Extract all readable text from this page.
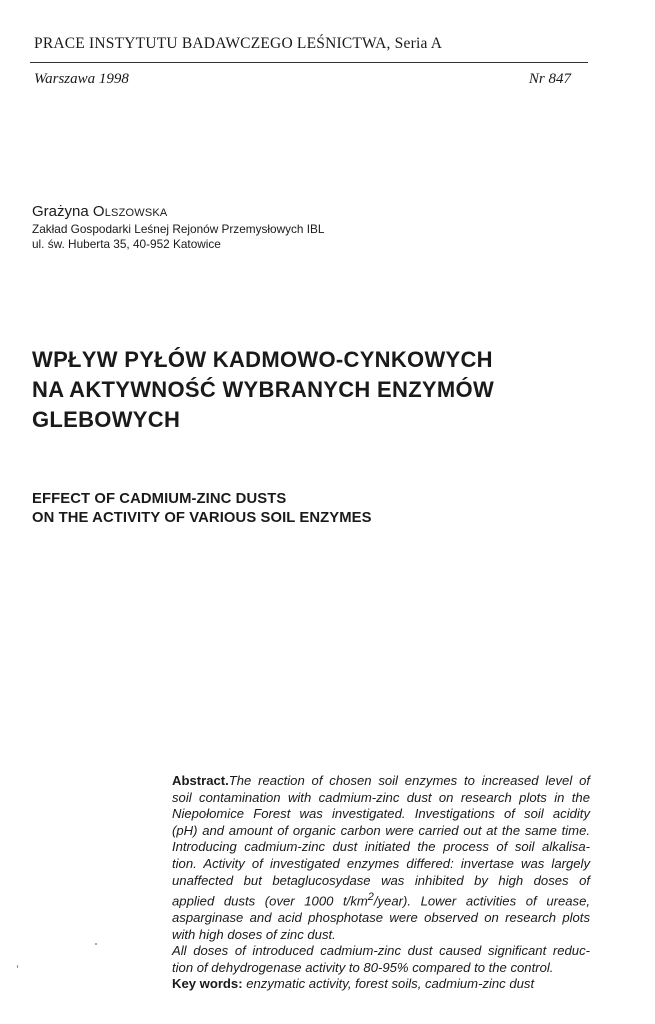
PRACE INSTYTUTU BADAWCZEGO LEŚNICTWA, Seria A
Warszawa 1998	Nr 847
Grażyna Olszowska
Zakład Gospodarki Leśnej Rejonów Przemysłowych IBL
ul. św. Huberta 35, 40-952 Katowice
WPŁYW PYŁÓW KADMOWO-CYNKOWYCH
NA AKTYWNOŚĆ WYBRANYCH ENZYMÓW
GLEBOWYCH
EFFECT OF CADMIUM-ZINC DUSTS
ON THE ACTIVITY OF VARIOUS SOIL ENZYMES
Abstract.The reaction of chosen soil enzymes to increased level of
soil contamination with cadmium-zinc dust on research plots in the
Niepołomice Forest was investigated. Investigations of soil acidity
(pH) and amount of organic carbon were carried out at the same time.
Introducing cadmium-zinc dust initiated the process of soil alkalisa-
tion. Activity of investigated enzymes differed: invertase was largely
unaffected but betaglucosydase was inhibited by high doses of
applied dusts (over 1000 $t/km^2/year$). Lower activities of urease,
asparginase and acid phosphotase were observed on research plots
with high doses of zinc dust.
All doses of introduced cadmium-zinc dust caused significant reduc-
tion of dehydrogenase activity to 80-95% compared to the control.
Key words: enzymatic activity, forest soils, cadmium-zinc dust
